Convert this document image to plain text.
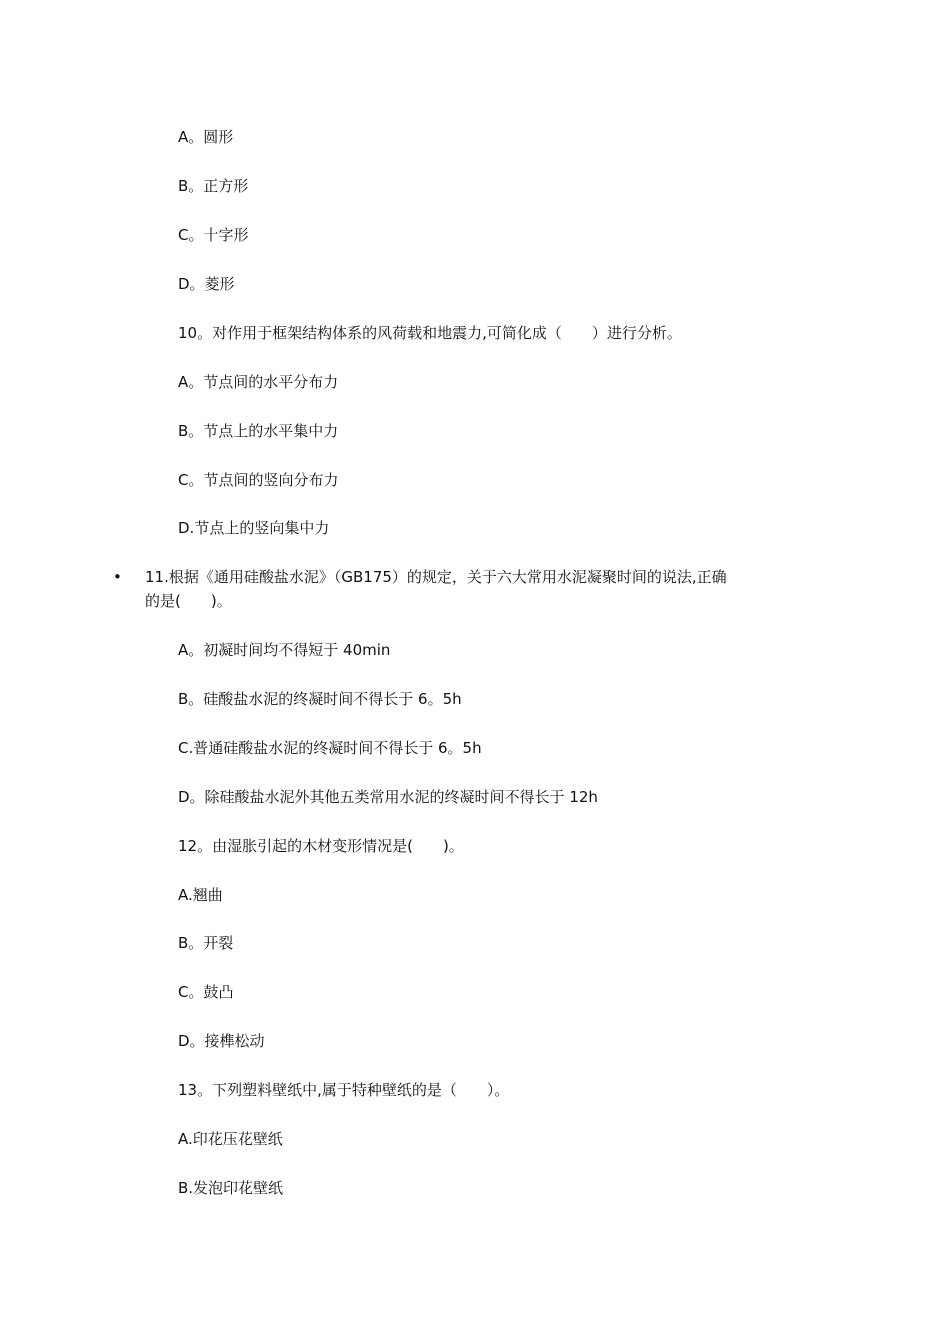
A。圆形
B。正方形
C。十字形
D。菱形
10。对作用于框架结构体系的风荷载和地震力,可简化成（　　）进行分析。
A。节点间的水平分布力
B。节点上的水平集中力
C。节点间的竖向分布力
D.节点上的竖向集中力
• 11.根据《通用硅酸盐水泥》（GB175）的规定，关于六大常用水泥凝聚时间的说法,正确
的是(　　)。
A。初凝时间均不得短于 40min
B。硅酸盐水泥的终凝时间不得长于 6。5h
C.普通硅酸盐水泥的终凝时间不得长于 6。5h
D。除硅酸盐水泥外其他五类常用水泥的终凝时间不得长于 12h
12。由湿胀引起的木材变形情况是(　　)。
A.翘曲
B。开裂
C。鼓凸
D。接榫松动
13。下列塑料壁纸中,属于特种壁纸的是（　　）。
A.印花压花壁纸
B.发泡印花壁纸
